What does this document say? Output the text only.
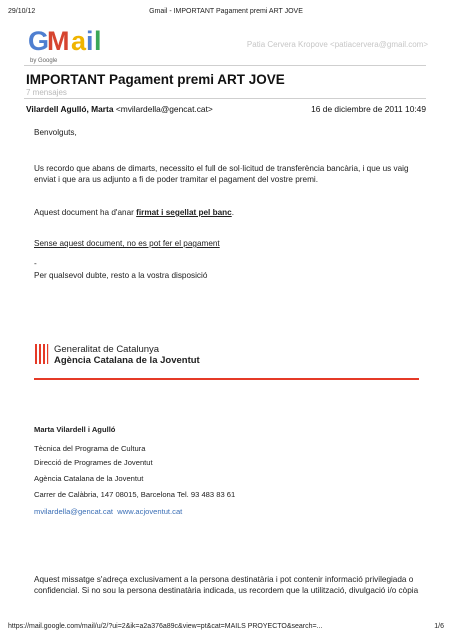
29/10/12	Gmail - IMPORTANT Pagament premi ART JOVE
G
M a i l
by Google
Patia Cervera Kropove <patiacervera@gmail.com>
IMPORTANT Pagament premi ART JOVE
7 mensajes
Vilardell Agulló, Marta <mvilardella@gencat.cat>	16 de diciembre de 2011 10:49
Benvolguts,
Us recordo que abans de dimarts, necessito el full de sol·licitud de transferència bancària, i que us vaig enviat i que ara us adjunto a fi de poder tramitar el pagament del vostre premi.
Aquest document ha d'anar firmat i segellat pel banc.
Sense aquest document, no es pot fer el pagament
-
Per qualsevol dubte, resto a la vostra disposició
Generalitat de Catalunya
Agència Catalana de la Joventut
Marta Vilardell i Agulló
Tècnica del Programa de Cultura
Direcció de Programes de Joventut
Agència Catalana de la Joventut
Carrer de Calàbria, 147 08015, Barcelona Tel. 93 483 83 61
mvilardella@gencat.cat www.acjoventut.cat
Aquest missatge s'adreça exclusivament a la persona destinatària i pot contenir informació privilegiada o confidencial. Si no sou la persona destinatària indicada, us recordem que la utilització, divulgació i/o còpia
https://mail.google.com/mail/u/2/?ui=2&ik=a2a376a89c&view=pt&cat=MAILS PROYECTO&search=...	1/6
